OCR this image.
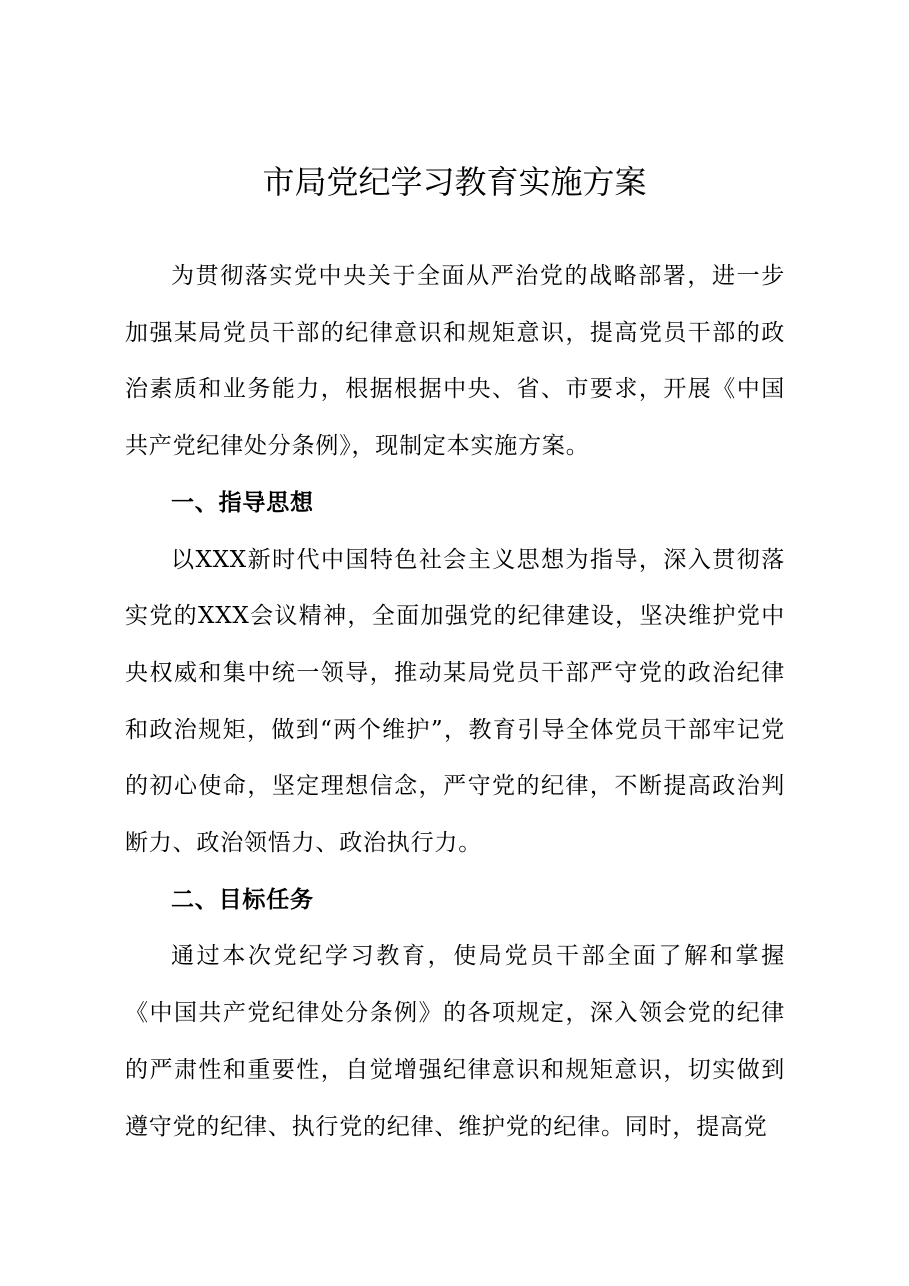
市局党纪学习教育实施方案

为贯彻落实党中央关于全面从严治党的战略部署，进一步加强某局党员干部的纪律意识和规矩意识，提高党员干部的政治素质和业务能力，根据根据中央、省、市要求，开展《中国共产党纪律处分条例》，现制定本实施方案。

一、指导思想

以XXX新时代中国特色社会主义思想为指导，深入贯彻落实党的XXX会议精神，全面加强党的纪律建设，坚决维护党中央权威和集中统一领导，推动某局党员干部严守党的政治纪律和政治规矩，做到“两个维护”，教育引导全体党员干部牢记党的初心使命，坚定理想信念，严守党的纪律，不断提高政治判断力、政治领悟力、政治执行力。

二、目标任务

通过本次党纪学习教育，使局党员干部全面了解和掌握《中国共产党纪律处分条例》的各项规定，深入领会党的纪律的严肃性和重要性，自觉增强纪律意识和规矩意识，切实做到遵守党的纪律、执行党的纪律、维护党的纪律。同时，提高党
